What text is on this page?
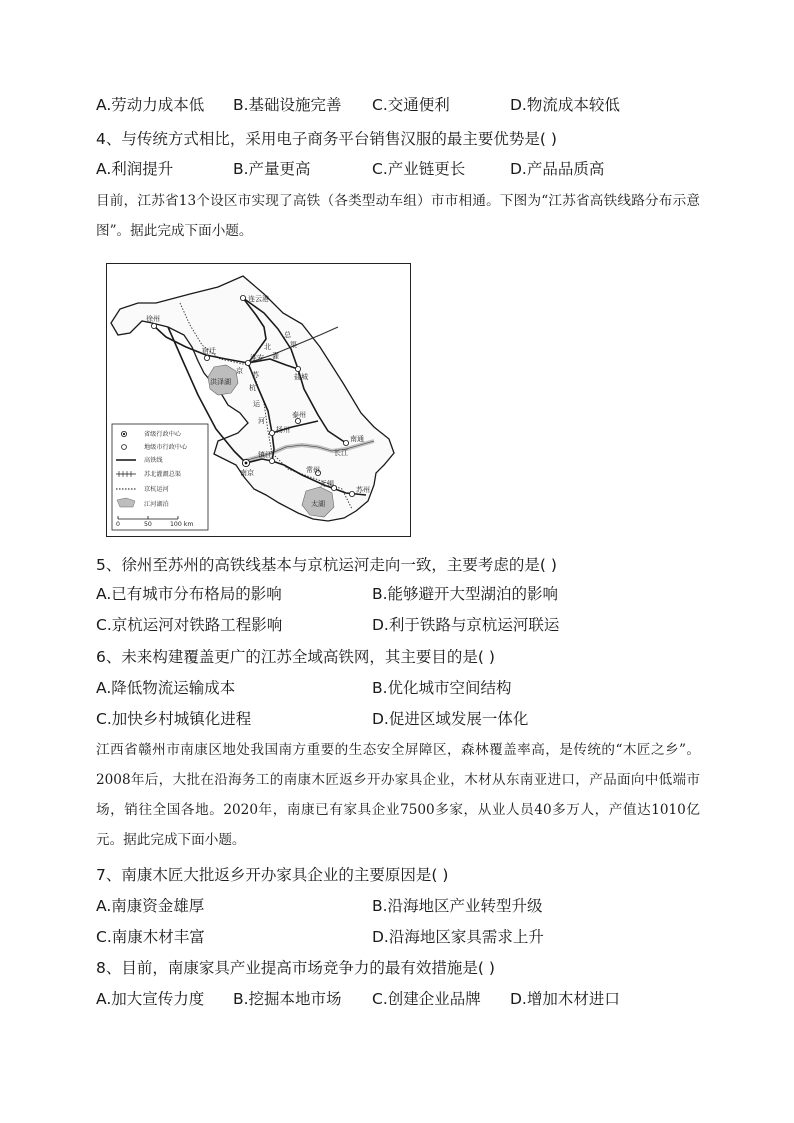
A.劳动力成本低 B.基础设施完善 C.交通便利	D.物流成本较低
4、与传统方式相比，采用电子商务平台销售汉服的最主要优势是( )
A.利润提升	B.产量更高	C.产业链更长	D.产品品质高

目前，江苏省13个设区市实现了高铁（各类型动车组）市市相通。下图为“江苏省高铁线路分布示意图”。据此完成下面小题。

连云港
徐州
宿迁
淮安
盐城
泰州
扬州
南通
镇江	长江
常州
南京
无锡
苏州
洪泽湖
太湖
京
杭
运
河
苏
北
灌
总
渠
省级行政中心
地级市行政中心
高铁线
苏北灌溉总渠
京杭运河
江河湖泊
0	50	100 km
5、徐州至苏州的高铁线基本与京杭运河走向一致，主要考虑的是( )
A.已有城市分布格局的影响	B.能够避开大型湖泊的影响
C.京杭运河对铁路工程影响	D.利于铁路与京杭运河联运
6、未来构建覆盖更广的江苏全域高铁网，其主要目的是( )
A.降低物流运输成本	B.优化城市空间结构
C.加快乡村城镇化进程	D.促进区域发展一体化

江西省赣州市南康区地处我国南方重要的生态安全屏障区，森林覆盖率高，是传统的“木匠之乡”。2008年后，大批在沿海务工的南康木匠返乡开办家具企业，木材从东南亚进口，产品面向中低端市场，销往全国各地。2020年，南康已有家具企业7500多家，从业人员40多万人，产值达1010亿元。据此完成下面小题。

7、南康木匠大批返乡开办家具企业的主要原因是( )
A.南康资金雄厚	B.沿海地区产业转型升级
C.南康木材丰富	D.沿海地区家具需求上升
8、目前，南康家具产业提高市场竞争力的最有效措施是( )
A.加大宣传力度 B.挖掘本地市场 C.创建企业品牌 D.增加木材进口
